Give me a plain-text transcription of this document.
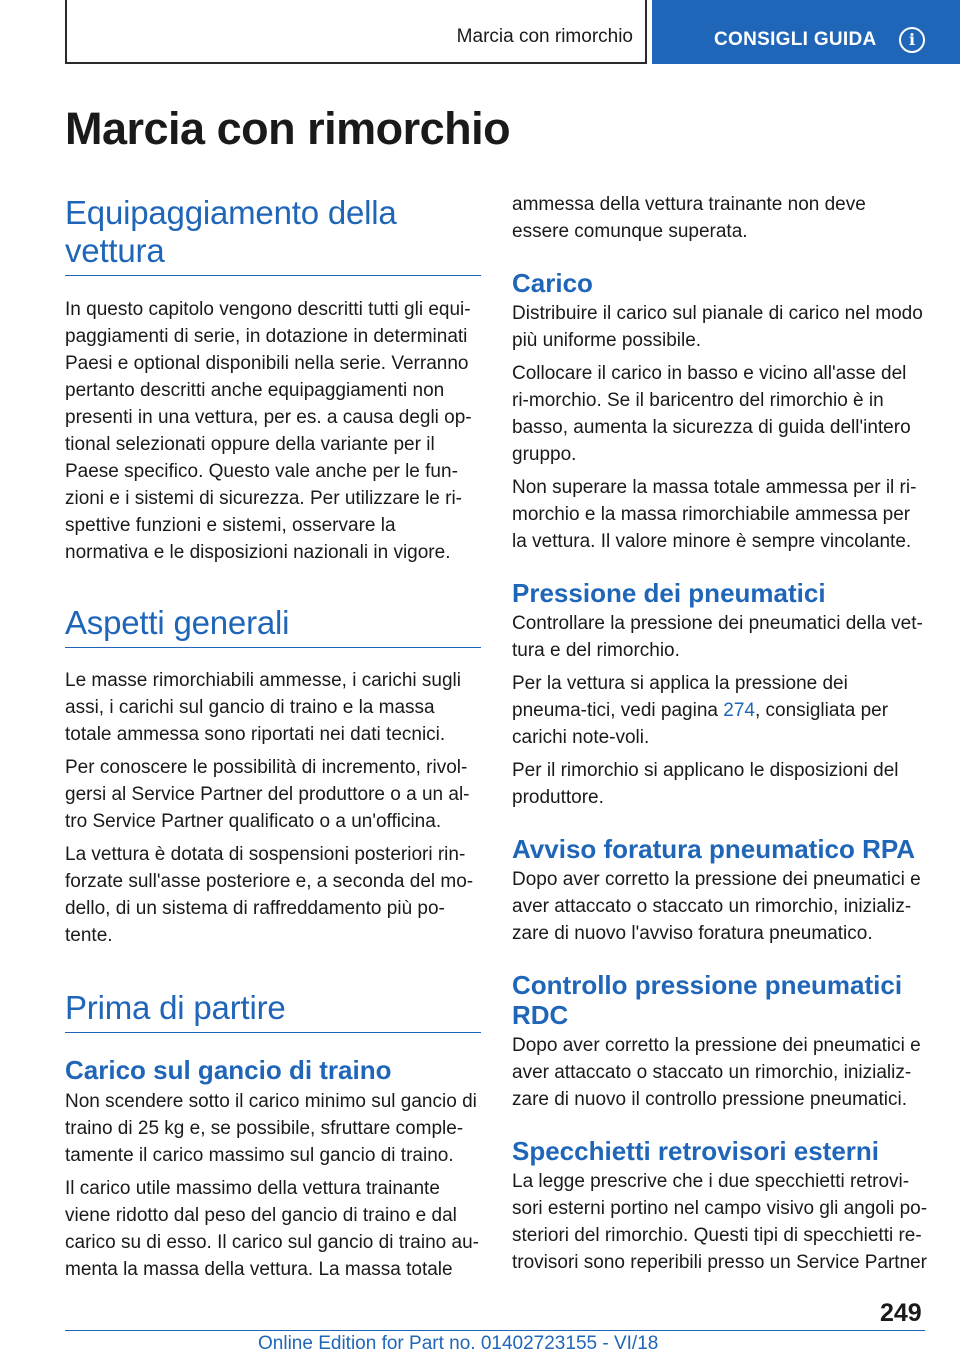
Marcia con rimorchio	CONSIGLI GUIDA	i
Marcia con rimorchio
Equipaggiamento della vettura

In questo capitolo vengono descritti tutti gli equi-paggiamenti di serie, in dotazione in determinati Paesi e optional disponibili nella serie. Verranno pertanto descritti anche equipaggiamenti non presenti in una vettura, per es. a causa degli op-tional selezionati oppure della variante per il Paese specifico. Questo vale anche per le fun-zioni e i sistemi di sicurezza. Per utilizzare le ri-spettive funzioni e sistemi, osservare la normativa e le disposizioni nazionali in vigore.

Aspetti generali

Le masse rimorchiabili ammesse, i carichi sugli assi, i carichi sul gancio di traino e la massa totale ammessa sono riportati nei dati tecnici.

Per conoscere le possibilità di incremento, rivol-gersi al Service Partner del produttore o a un al-tro Service Partner qualificato o a un'officina.

La vettura è dotata di sospensioni posteriori rin-forzate sull'asse posteriore e, a seconda del mo-dello, di un sistema di raffreddamento più po-tente.

Prima di partire
Carico sul gancio di traino

Non scendere sotto il carico minimo sul gancio di traino di 25 kg e, se possibile, sfruttare comple-tamente il carico massimo sul gancio di traino.

Il carico utile massimo della vettura trainante viene ridotto dal peso del gancio di traino e dal carico su di esso. Il carico sul gancio di traino au-menta la massa della vettura. La massa totale

ammessa della vettura trainante non deve essere comunque superata.

Carico

Distribuire il carico sul pianale di carico nel modo più uniforme possibile.

Collocare il carico in basso e vicino all'asse del ri-morchio. Se il baricentro del rimorchio è in basso, aumenta la sicurezza di guida dell'intero gruppo.

Non superare la massa totale ammessa per il ri-morchio e la massa rimorchiabile ammessa per la vettura. Il valore minore è sempre vincolante.

Pressione dei pneumatici

Controllare la pressione dei pneumatici della vet-tura e del rimorchio.

Per la vettura si applica la pressione dei pneuma-tici, vedi pagina 274, consigliata per carichi note-voli.

Per il rimorchio si applicano le disposizioni del produttore.

Avviso foratura pneumatico RPA

Dopo aver corretto la pressione dei pneumatici e aver attaccato o staccato un rimorchio, inizializ-zare di nuovo l'avviso foratura pneumatico.

Controllo pressione pneumatici RDC

Dopo aver corretto la pressione dei pneumatici e aver attaccato o staccato un rimorchio, inizializ-zare di nuovo il controllo pressione pneumatici.

Specchietti retrovisori esterni

La legge prescrive che i due specchietti retrovi-sori esterni portino nel campo visivo gli angoli po-steriori del rimorchio. Questi tipi di specchietti re-trovisori sono reperibili presso un Service Partner

249
Online Edition for Part no. 01402723155 - VI/18
